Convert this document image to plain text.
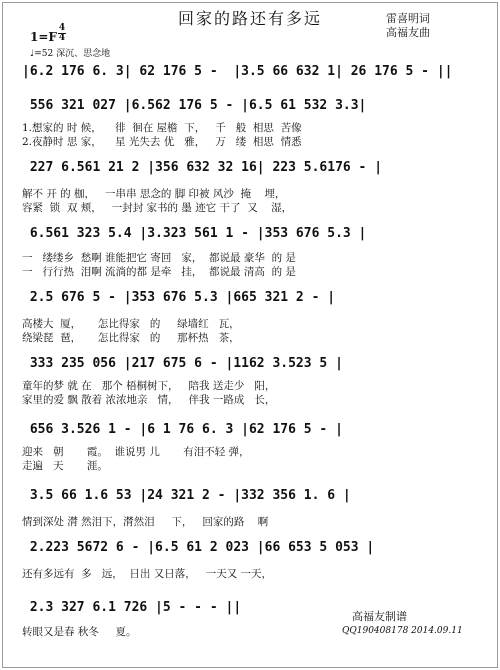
回家的路还有多远	雷喜明词
高福友曲
1=F
4
4
♩=52 深沉、思念地
|6.2 176 6. 3| 62 176 5 -  |3.5 66 632 1| 26 176 5 - ||
556 321 027 |6.562 176 5 - |6.5 61 532 3.3|
1.想家的 时 候，    徘  徊在 屋檐  下，   千   般  相思  苦像
2.夜静时 思 家，    星 光失去 优   雅，   万   缕  相思  情悉
227 6.561 21 2 |356 632 32 16| 223 5.6176 - |
解不 开 的 枷，   一串串 思念的 脚 印被 风沙  掩    埋，
容紧  锁  双 颊，   一封封 家书的 墨 迹它 干了  又    湿，
6.561 323 5.4 |3.323 561 1 - |353 676 5.3 |
一   缕缕乡  愁啊 谁能把它 寄回   家，  都说最 豪华  的 是
一   行行热  泪啊 流淌的都 是牵   挂，  都说最 清高  的 是
2.5 676 5 - |353 676 5.3 |665 321 2 - |
高楼大  厦，     怎比得家   的     绿墙红   瓦，
绕梁琵  琶，     怎比得家   的     那杯热   茶，
333 235 056 |217 675 6 - |1162 3.523 5 |
童年的梦 就 在   那个 梧桐树下，   陪我 送走少   阳，
家里的爱 飘 散着 浓浓地亲   情，   伴我 一路成   长，
656 3.526 1 - |6 1 76 6. 3 |62 176 5 - |
迎来   朝       霞。  谁说男 儿       有泪不轻 弹，
走遍   天       涯。
3.5 66 1.6 53 |24 321 2 - |332 356 1. 6 |
情到深处 潸 然泪下，潸然泪     下，   回家的路    啊
2.223 5672 6 - |6.5 61 2 023 |66 653 5 053 |
还有多远有  多   远，  日出 又日落，   一天又 一天，
2.3 327 6.1 726 |5 - - - ||
转眼又是春 秋冬     夏。
高福友制谱
QQ190408178 2014.09.11
